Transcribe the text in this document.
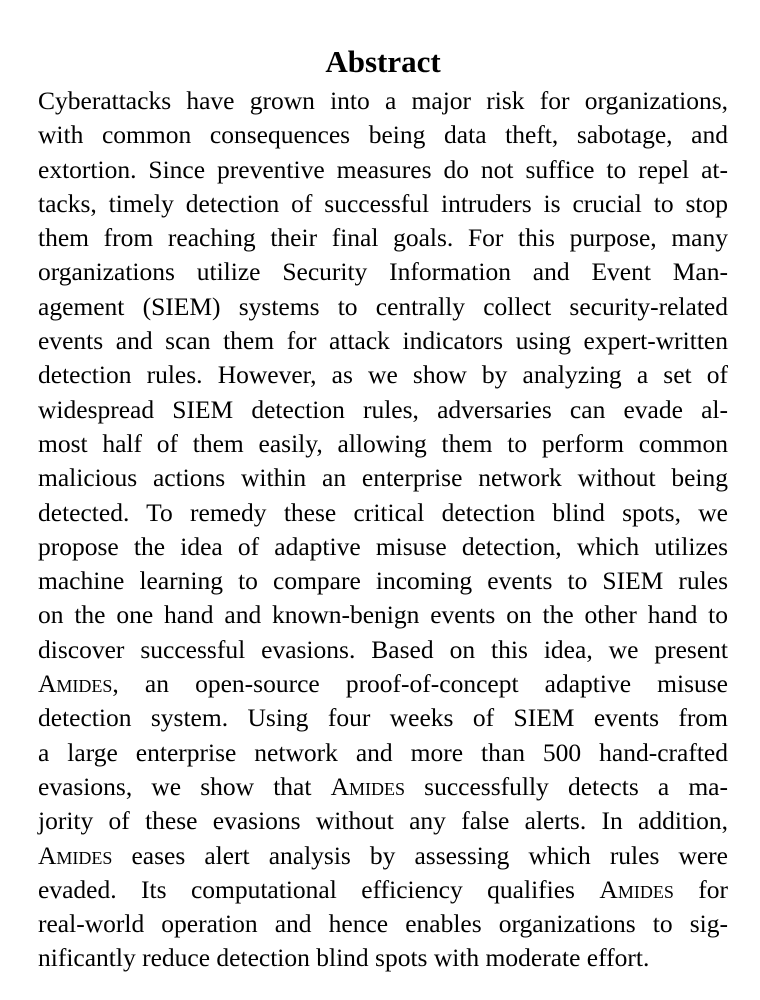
Abstract
Cyberattacks have grown into a major risk for organizations,
with common consequences being data theft, sabotage, and
extortion. Since preventive measures do not suffice to repel at-
tacks, timely detection of successful intruders is crucial to stop
them from reaching their final goals. For this purpose, many
organizations utilize Security Information and Event Man-
agement (SIEM) systems to centrally collect security-related
events and scan them for attack indicators using expert-written
detection rules. However, as we show by analyzing a set of
widespread SIEM detection rules, adversaries can evade al-
most half of them easily, allowing them to perform common
malicious actions within an enterprise network without being
detected. To remedy these critical detection blind spots, we
propose the idea of adaptive misuse detection, which utilizes
machine learning to compare incoming events to SIEM rules
on the one hand and known-benign events on the other hand to
discover successful evasions. Based on this idea, we present
Amides, an open-source proof-of-concept adaptive misuse
detection system. Using four weeks of SIEM events from
a large enterprise network and more than 500 hand-crafted
evasions, we show that Amides successfully detects a ma-
jority of these evasions without any false alerts. In addition,
Amides eases alert analysis by assessing which rules were
evaded. Its computational efficiency qualifies Amides for
real-world operation and hence enables organizations to sig-
nificantly reduce detection blind spots with moderate effort.
